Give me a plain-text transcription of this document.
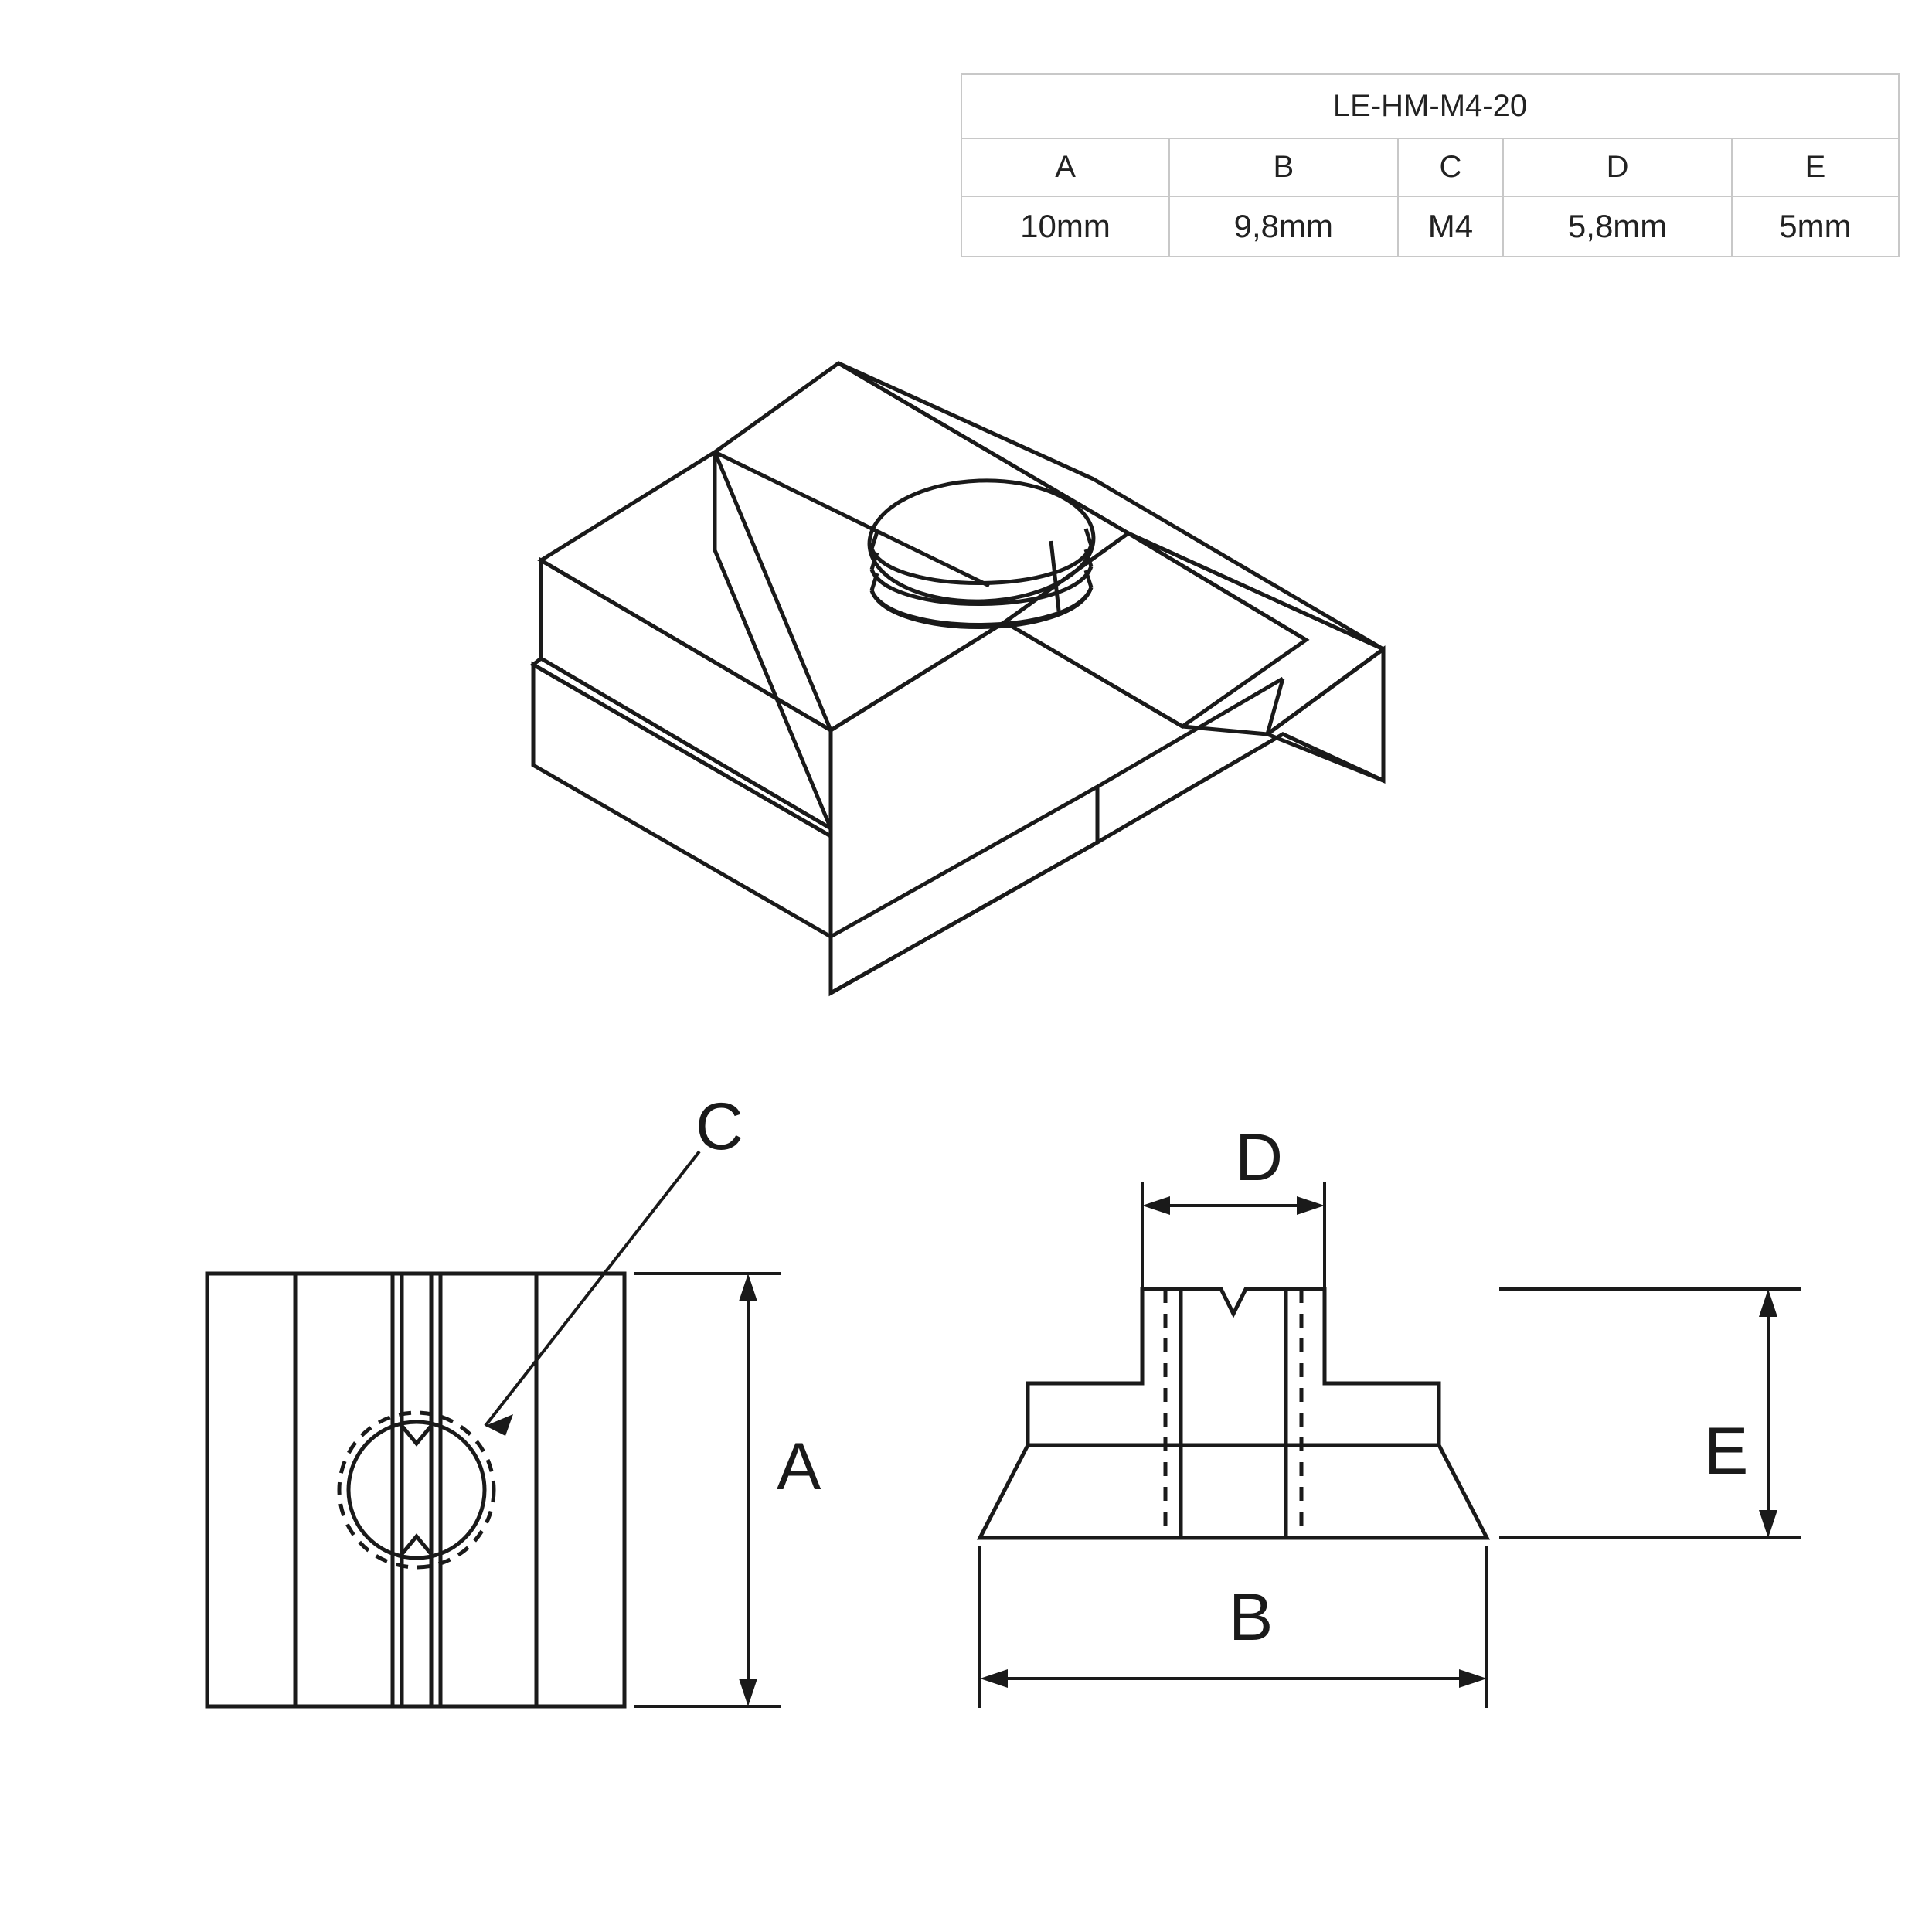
LE-HM-M4-20				
A	B	C	D	E
10mm	9,8mm	M4	5,8mm	5mm
C
A
D
E
B
